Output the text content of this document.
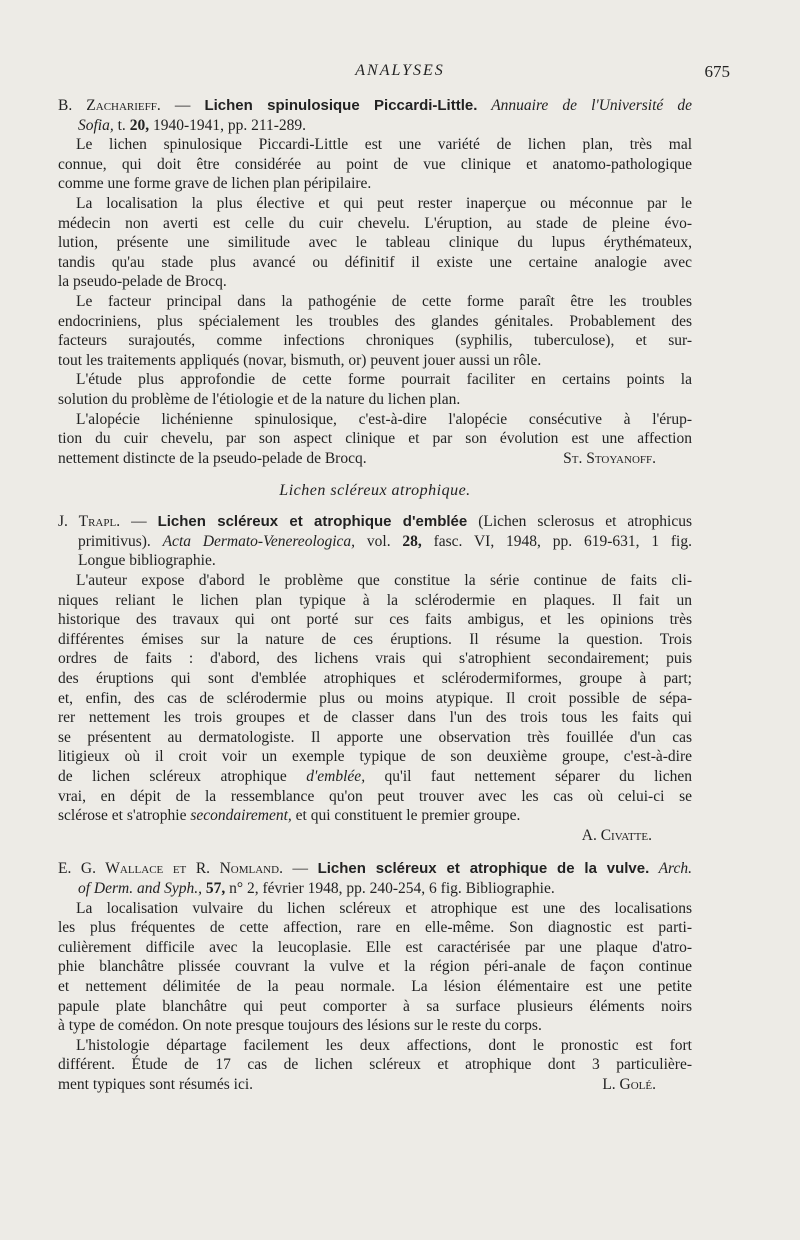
ANALYSES	675
B. Zacharieff. — Lichen spinulosique Piccardi-Little. Annuaire de l'Université de
Sofia, t. 20, 1940-1941, pp. 211-289.
Le lichen spinulosique Piccardi-Little est une variété de lichen plan, très mal
connue, qui doit être considérée au point de vue clinique et anatomo-pathologique
comme une forme grave de lichen plan péripilaire.
La localisation la plus élective et qui peut rester inaperçue ou méconnue par le
médecin non averti est celle du cuir chevelu. L'éruption, au stade de pleine évo-
lution, présente une similitude avec le tableau clinique du lupus érythémateux,
tandis qu'au stade plus avancé ou définitif il existe une certaine analogie avec
la pseudo-pelade de Brocq.
Le facteur principal dans la pathogénie de cette forme paraît être les troubles
endocriniens, plus spécialement les troubles des glandes génitales. Probablement des
facteurs surajoutés, comme infections chroniques (syphilis, tuberculose), et sur-
tout les traitements appliqués (novar, bismuth, or) peuvent jouer aussi un rôle.
L'étude plus approfondie de cette forme pourrait faciliter en certains points la
solution du problème de l'étiologie et de la nature du lichen plan.
L'alopécie lichénienne spinulosique, c'est-à-dire l'alopécie consécutive à l'érup-
tion du cuir chevelu, par son aspect clinique et par son évolution est une affection
nettement distincte de la pseudo-pelade de Brocq.	St. Stoyanoff.
Lichen scléreux atrophique.
J. Trapl. — Lichen scléreux et atrophique d'emblée (Lichen sclerosus et atrophicus
primitivus). Acta Dermato-Venereologica, vol. 28, fasc. VI, 1948, pp. 619-631, 1 fig.
Longue bibliographie.
L'auteur expose d'abord le problème que constitue la série continue de faits cli-
niques reliant le lichen plan typique à la sclérodermie en plaques. Il fait un
historique des travaux qui ont porté sur ces faits ambigus, et les opinions très
différentes émises sur la nature de ces éruptions. Il résume la question. Trois
ordres de faits : d'abord, des lichens vrais qui s'atrophient secondairement; puis
des éruptions qui sont d'emblée atrophiques et sclérodermiformes, groupe à part;
et, enfin, des cas de sclérodermie plus ou moins atypique. Il croit possible de sépa-
rer nettement les trois groupes et de classer dans l'un des trois tous les faits qui
se présentent au dermatologiste. Il apporte une observation très fouillée d'un cas
litigieux où il croit voir un exemple typique de son deuxième groupe, c'est-à-dire
de lichen scléreux atrophique d'emblée, qu'il faut nettement séparer du lichen
vrai, en dépit de la ressemblance qu'on peut trouver avec les cas où celui-ci se
sclérose et s'atrophie secondairement, et qui constituent le premier groupe.
A. Civatte.
E. G. Wallace et R. Nomland. — Lichen scléreux et atrophique de la vulve. Arch.
of Derm. and Syph., 57, n° 2, février 1948, pp. 240-254, 6 fig. Bibliographie.
La localisation vulvaire du lichen scléreux et atrophique est une des localisations
les plus fréquentes de cette affection, rare en elle-même. Son diagnostic est parti-
culièrement difficile avec la leucoplasie. Elle est caractérisée par une plaque d'atro-
phie blanchâtre plissée couvrant la vulve et la région péri-anale de façon continue
et nettement délimitée de la peau normale. La lésion élémentaire est une petite
papule plate blanchâtre qui peut comporter à sa surface plusieurs éléments noirs
à type de comédon. On note presque toujours des lésions sur le reste du corps.
L'histologie départage facilement les deux affections, dont le pronostic est fort
différent. Étude de 17 cas de lichen scléreux et atrophique dont 3 particulière-
ment typiques sont résumés ici.	L. Golé.
